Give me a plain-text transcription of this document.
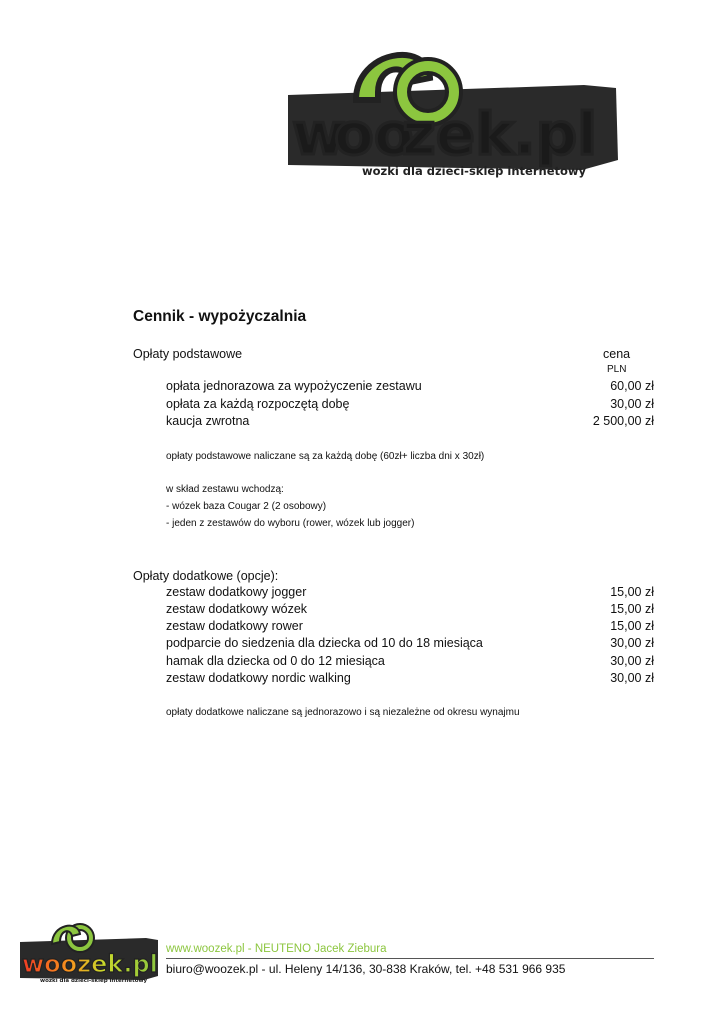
w
oo
zek.pl
wozki dla dzieci-sklep internetowy
Cennik - wypożyczalnia
Opłaty podstawowe	cena
PLN
opłata jednorazowa za wypożyczenie zestawu	60,00 zł
opłata za każdą rozpoczętą dobę	30,00 zł
kaucja zwrotna	2 500,00 zł
opłaty podstawowe naliczane są za każdą dobę (60zł+ liczba dni x 30zł)
w skład zestawu wchodzą:
- wózek baza Cougar 2 (2 osobowy)
- jeden z zestawów do wyboru (rower, wózek lub jogger)
Opłaty dodatkowe (opcje):
zestaw dodatkowy jogger	15,00 zł
zestaw dodatkowy wózek	15,00 zł
zestaw dodatkowy rower	15,00 zł
podparcie do siedzenia dla dziecka od 10 do 18 miesiąca	30,00 zł
hamak dla dziecka od 0 do 12 miesiąca	30,00 zł
zestaw dodatkowy nordic walking	30,00 zł
opłaty dodatkowe naliczane są jednorazowo i są niezależne od okresu wynajmu
woozek.pl
wozki dla dzieci-sklep internetowy
www.woozek.pl - NEUTENO Jacek Ziebura
biuro@woozek.pl - ul. Heleny 14/136, 30-838 Kraków, tel. +48 531 966 935
